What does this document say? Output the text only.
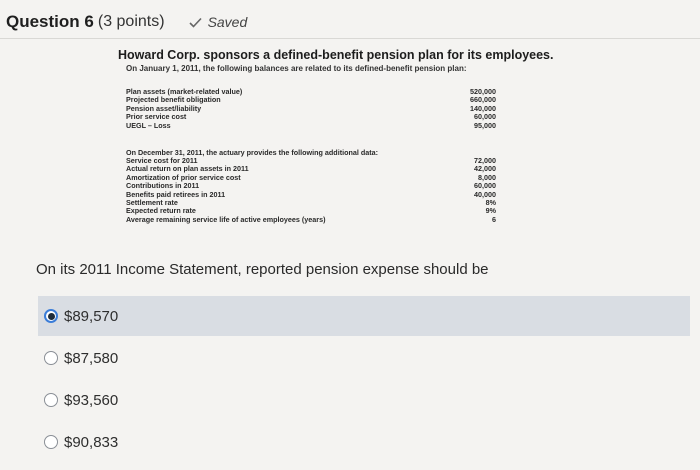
Question 6 (3 points)	Saved
Howard Corp. sponsors a defined-benefit pension plan for its employees.
On January 1, 2011, the following balances are related to its defined-benefit pension plan:
Plan assets (market-related value)	520,000
Projected benefit obligation	660,000
Pension asset/liability	140,000
Prior service cost	60,000
UEGL – Loss	95,000
On December 31, 2011, the actuary provides the following additional data:
Service cost for 2011	72,000
Actual return on plan assets in 2011	42,000
Amortization of prior service cost	8,000
Contributions in 2011	60,000
Benefits paid retirees in 2011	40,000
Settlement rate	8%
Expected return rate	9%
Average remaining service life of active employees (years)	6
On its 2011 Income Statement, reported pension expense should be
$89,570
$87,580
$93,560
$90,833
